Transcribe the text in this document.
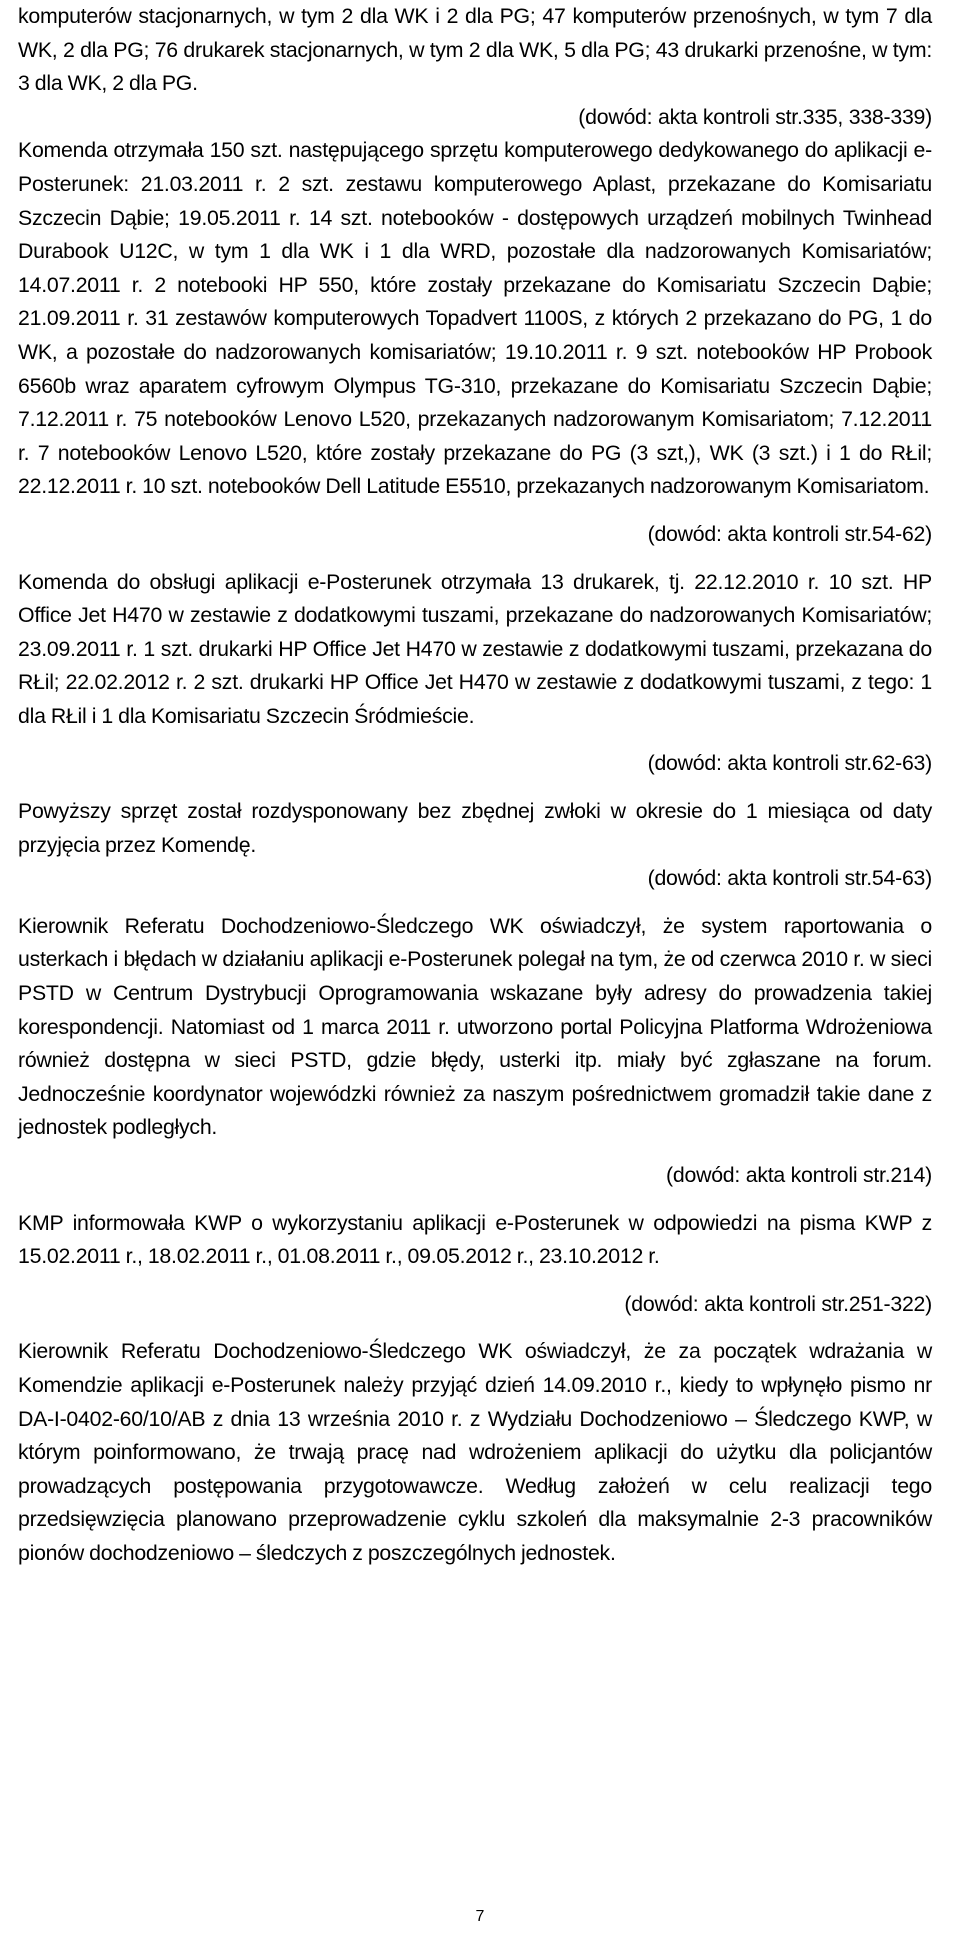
komputerów stacjonarnych, w tym 2 dla WK i 2 dla PG; 47 komputerów przenośnych, w tym 7 dla WK, 2 dla PG; 76 drukarek stacjonarnych, w tym 2 dla WK, 5 dla PG; 43 drukarki przenośne, w tym: 3 dla WK, 2 dla PG.

(dowód: akta kontroli str.335, 338-339)

Komenda otrzymała 150 szt. następującego sprzętu komputerowego dedykowanego do aplikacji e-Posterunek: 21.03.2011 r. 2 szt. zestawu komputerowego Aplast, przekazane do Komisariatu Szczecin Dąbie; 19.05.2011 r. 14 szt. notebooków - dostępowych urządzeń mobilnych Twinhead Durabook U12C, w tym 1 dla WK i 1 dla WRD, pozostałe dla nadzorowanych Komisariatów; 14.07.2011 r. 2 notebooki HP 550, które zostały przekazane do Komisariatu Szczecin Dąbie; 21.09.2011 r. 31 zestawów komputerowych Topadvert 1100S, z których 2 przekazano do PG, 1 do WK, a pozostałe do nadzorowanych komisariatów; 19.10.2011 r. 9 szt. notebooków HP Probook 6560b wraz aparatem cyfrowym Olympus TG-310, przekazane do Komisariatu Szczecin Dąbie; 7.12.2011 r. 75 notebooków Lenovo L520, przekazanych nadzorowanym Komisariatom; 7.12.2011 r. 7 notebooków Lenovo L520, które zostały przekazane do PG (3 szt,), WK (3 szt.) i 1 do RŁil; 22.12.2011 r. 10 szt. notebooków Dell Latitude E5510, przekazanych nadzorowanym Komisariatom.

(dowód: akta kontroli str.54-62)

Komenda do obsługi aplikacji e-Posterunek otrzymała 13 drukarek, tj. 22.12.2010 r. 10 szt. HP Office Jet H470 w zestawie z dodatkowymi tuszami, przekazane do nadzorowanych Komisariatów; 23.09.2011 r. 1 szt. drukarki HP Office Jet H470 w zestawie z dodatkowymi tuszami, przekazana do RŁil; 22.02.2012 r. 2 szt. drukarki HP Office Jet H470 w zestawie z dodatkowymi tuszami, z tego: 1 dla RŁil i 1 dla Komisariatu Szczecin Śródmieście.

(dowód: akta kontroli str.62-63)

Powyższy sprzęt został rozdysponowany bez zbędnej zwłoki w okresie do 1 miesiąca od daty przyjęcia przez Komendę.

(dowód: akta kontroli str.54-63)

Kierownik Referatu Dochodzeniowo-Śledczego WK oświadczył, że system raportowania o usterkach i błędach w działaniu aplikacji e-Posterunek polegał na tym, że od czerwca 2010 r. w sieci PSTD w Centrum Dystrybucji Oprogramowania wskazane były adresy do prowadzenia takiej korespondencji. Natomiast od 1 marca 2011 r. utworzono portal Policyjna Platforma Wdrożeniowa również dostępna w sieci PSTD, gdzie błędy, usterki itp. miały być zgłaszane na forum. Jednocześnie koordynator wojewódzki również za naszym pośrednictwem gromadził takie dane z jednostek podległych.

(dowód: akta kontroli str.214)

KMP informowała KWP o wykorzystaniu aplikacji e-Posterunek w odpowiedzi na pisma KWP z 15.02.2011 r., 18.02.2011 r., 01.08.2011 r., 09.05.2012 r., 23.10.2012 r.

(dowód: akta kontroli str.251-322)

Kierownik Referatu Dochodzeniowo-Śledczego WK oświadczył, że za początek wdrażania w Komendzie aplikacji e-Posterunek należy przyjąć dzień 14.09.2010 r., kiedy to wpłynęło pismo nr DA-I-0402-60/10/AB z dnia 13 września 2010 r. z Wydziału Dochodzeniowo – Śledczego KWP, w którym poinformowano, że trwają pracę nad wdrożeniem aplikacji do użytku dla policjantów prowadzących postępowania przygotowawcze. Według założeń w celu realizacji tego przedsięwzięcia planowano przeprowadzenie cyklu szkoleń dla maksymalnie 2-3 pracowników pionów dochodzeniowo – śledczych z poszczególnych jednostek.

7
